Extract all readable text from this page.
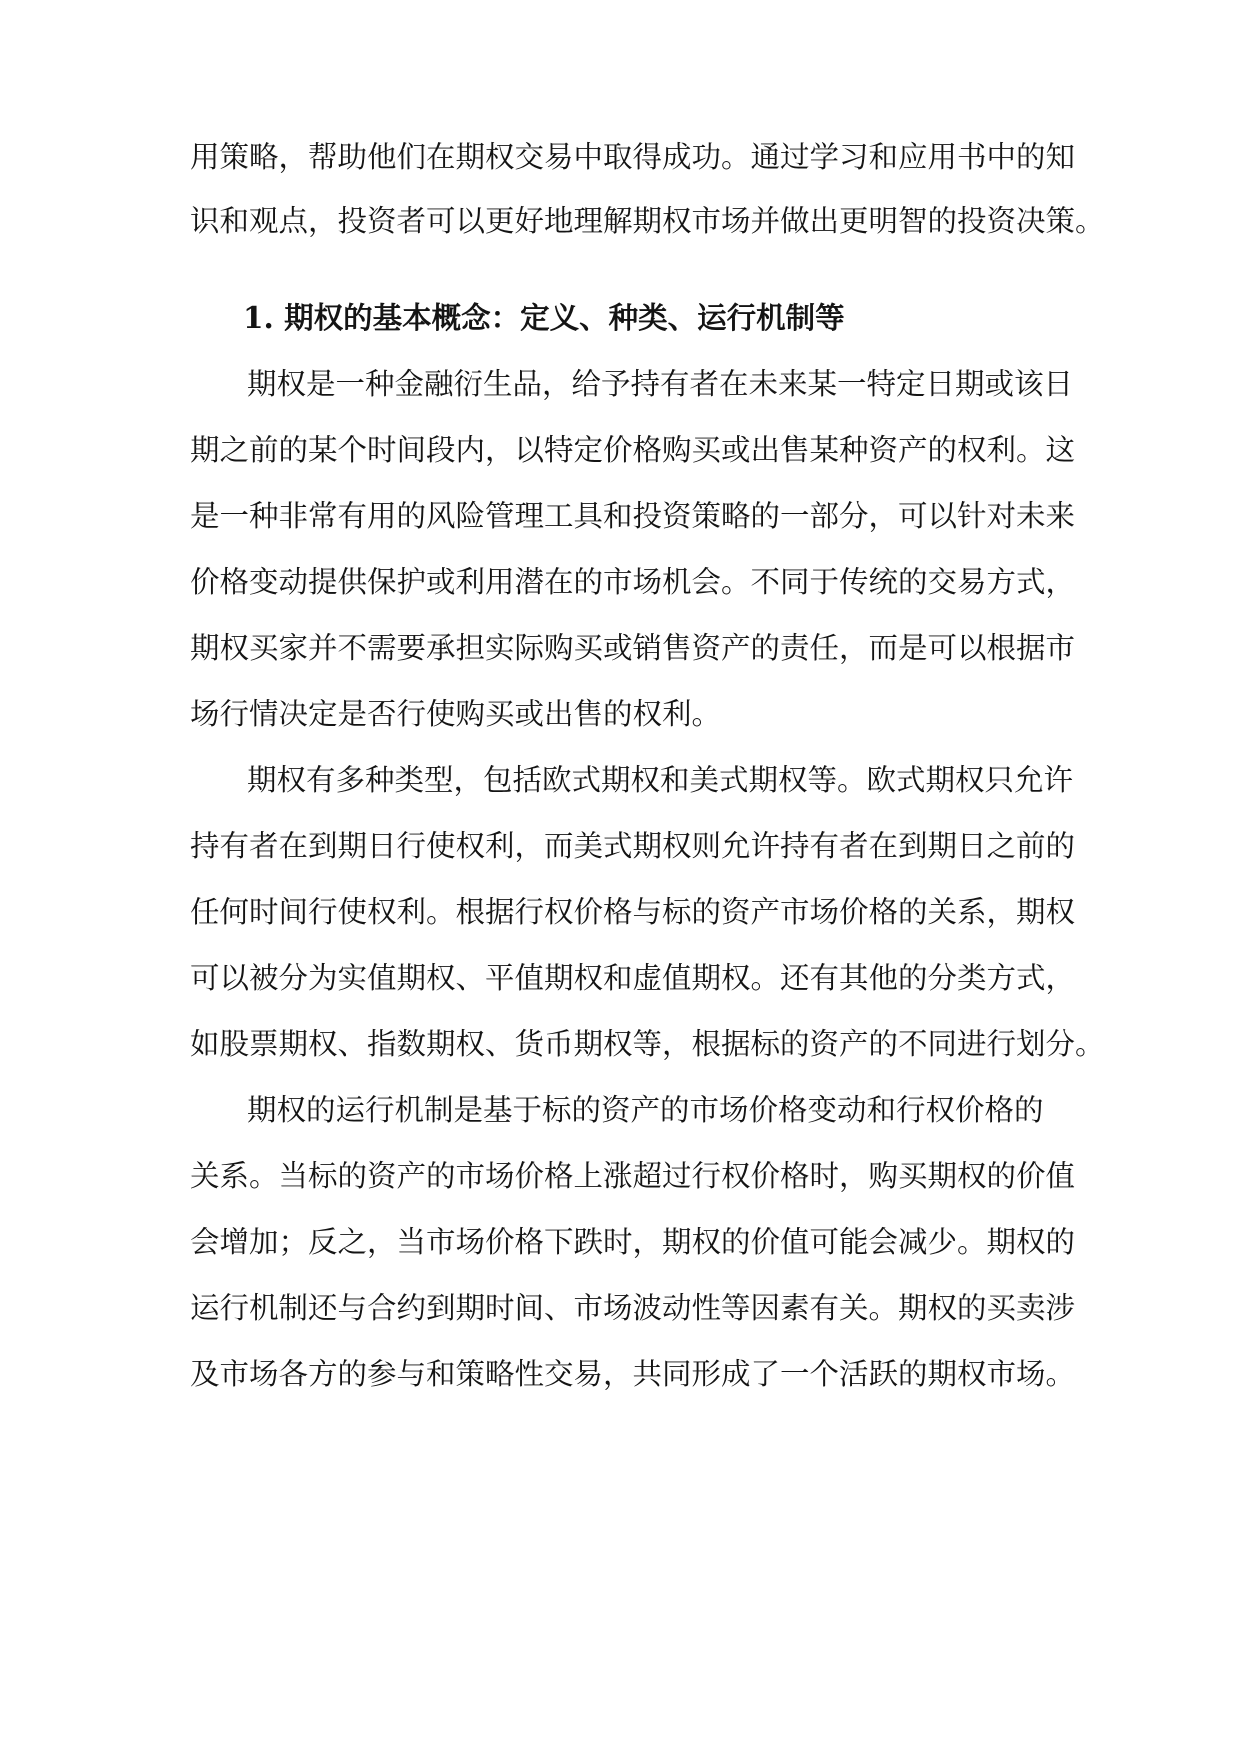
用策略，帮助他们在期权交易中取得成功。通过学习和应用书中的知

识和观点，投资者可以更好地理解期权市场并做出更明智的投资决策。

1. 期权的基本概念：定义、种类、运行机制等

期权是一种金融衍生品，给予持有者在未来某一特定日期或该日

期之前的某个时间段内，以特定价格购买或出售某种资产的权利。这

是一种非常有用的风险管理工具和投资策略的一部分，可以针对未来

价格变动提供保护或利用潜在的市场机会。不同于传统的交易方式，

期权买家并不需要承担实际购买或销售资产的责任，而是可以根据市

场行情决定是否行使购买或出售的权利。

期权有多种类型，包括欧式期权和美式期权等。欧式期权只允许

持有者在到期日行使权利，而美式期权则允许持有者在到期日之前的

任何时间行使权利。根据行权价格与标的资产市场价格的关系，期权

可以被分为实值期权、平值期权和虚值期权。还有其他的分类方式，

如股票期权、指数期权、货币期权等，根据标的资产的不同进行划分。

期权的运行机制是基于标的资产的市场价格变动和行权价格的

关系。当标的资产的市场价格上涨超过行权价格时，购买期权的价值

会增加；反之，当市场价格下跌时，期权的价值可能会减少。期权的

运行机制还与合约到期时间、市场波动性等因素有关。期权的买卖涉

及市场各方的参与和策略性交易，共同形成了一个活跃的期权市场。
